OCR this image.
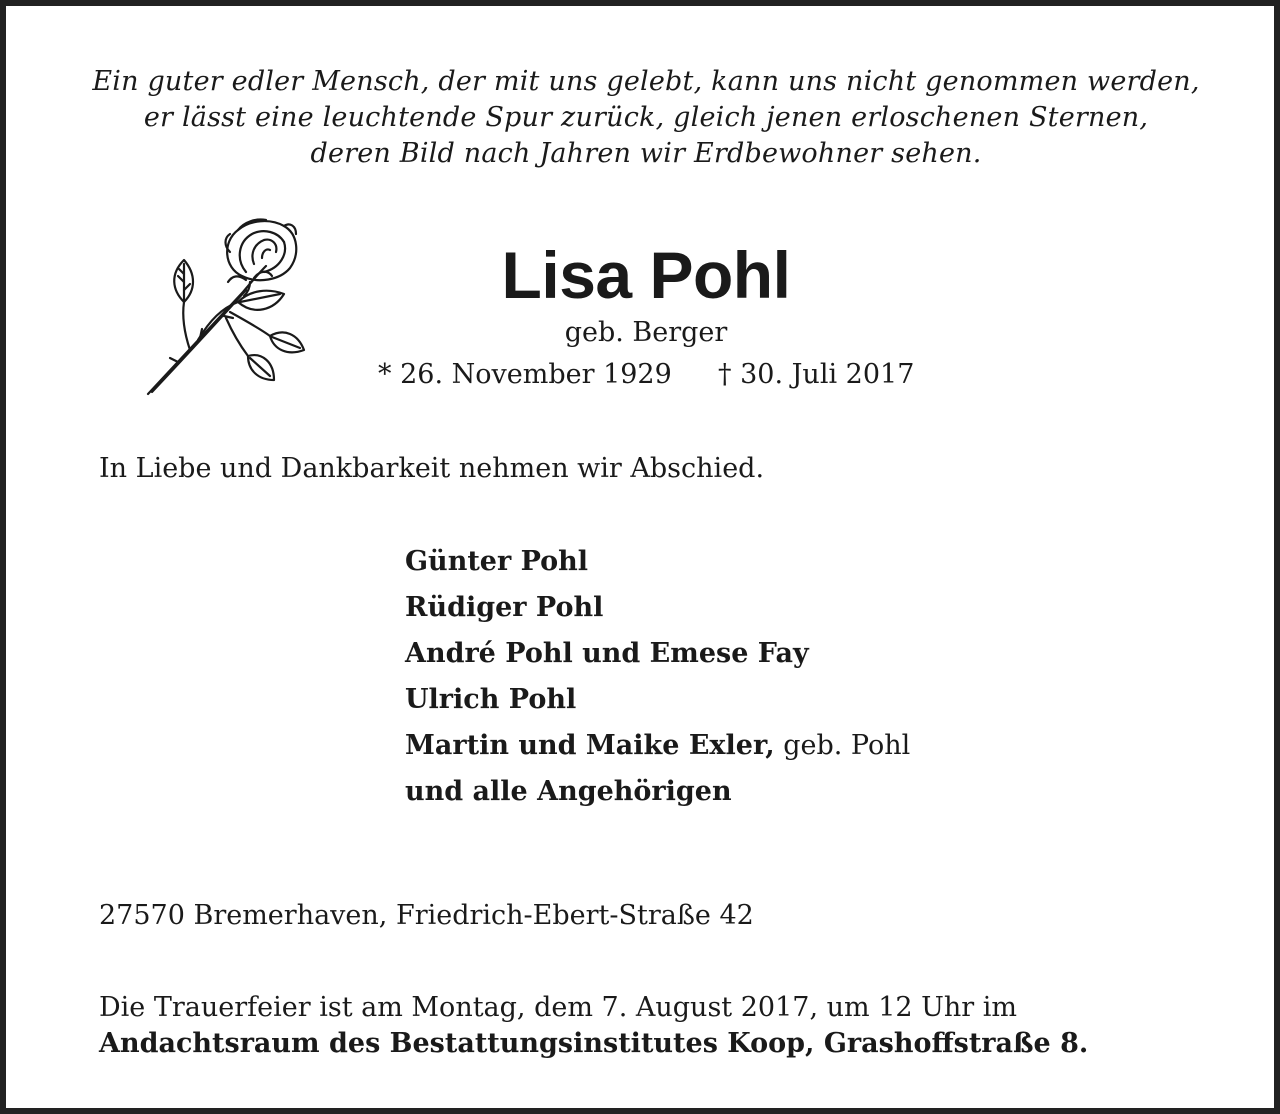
Ein guter edler Mensch, der mit uns gelebt, kann uns nicht genommen werden,
er lässt eine leuchtende Spur zurück, gleich jenen erloschenen Sternen,
deren Bild nach Jahren wir Erdbewohner sehen.
Lisa Pohl
geb. Berger
* 26. November 1929 † 30. Juli 2017
In Liebe und Dankbarkeit nehmen wir Abschied.
Günter Pohl
Rüdiger Pohl
André Pohl und Emese Fay
Ulrich Pohl
Martin und Maike Exler, geb. Pohl
und alle Angehörigen
27570 Bremerhaven, Friedrich-Ebert-Straße 42
Die Trauerfeier ist am Montag, dem 7. August 2017, um 12 Uhr im
Andachtsraum des Bestattungsinstitutes Koop, Grashoffstraße 8.
